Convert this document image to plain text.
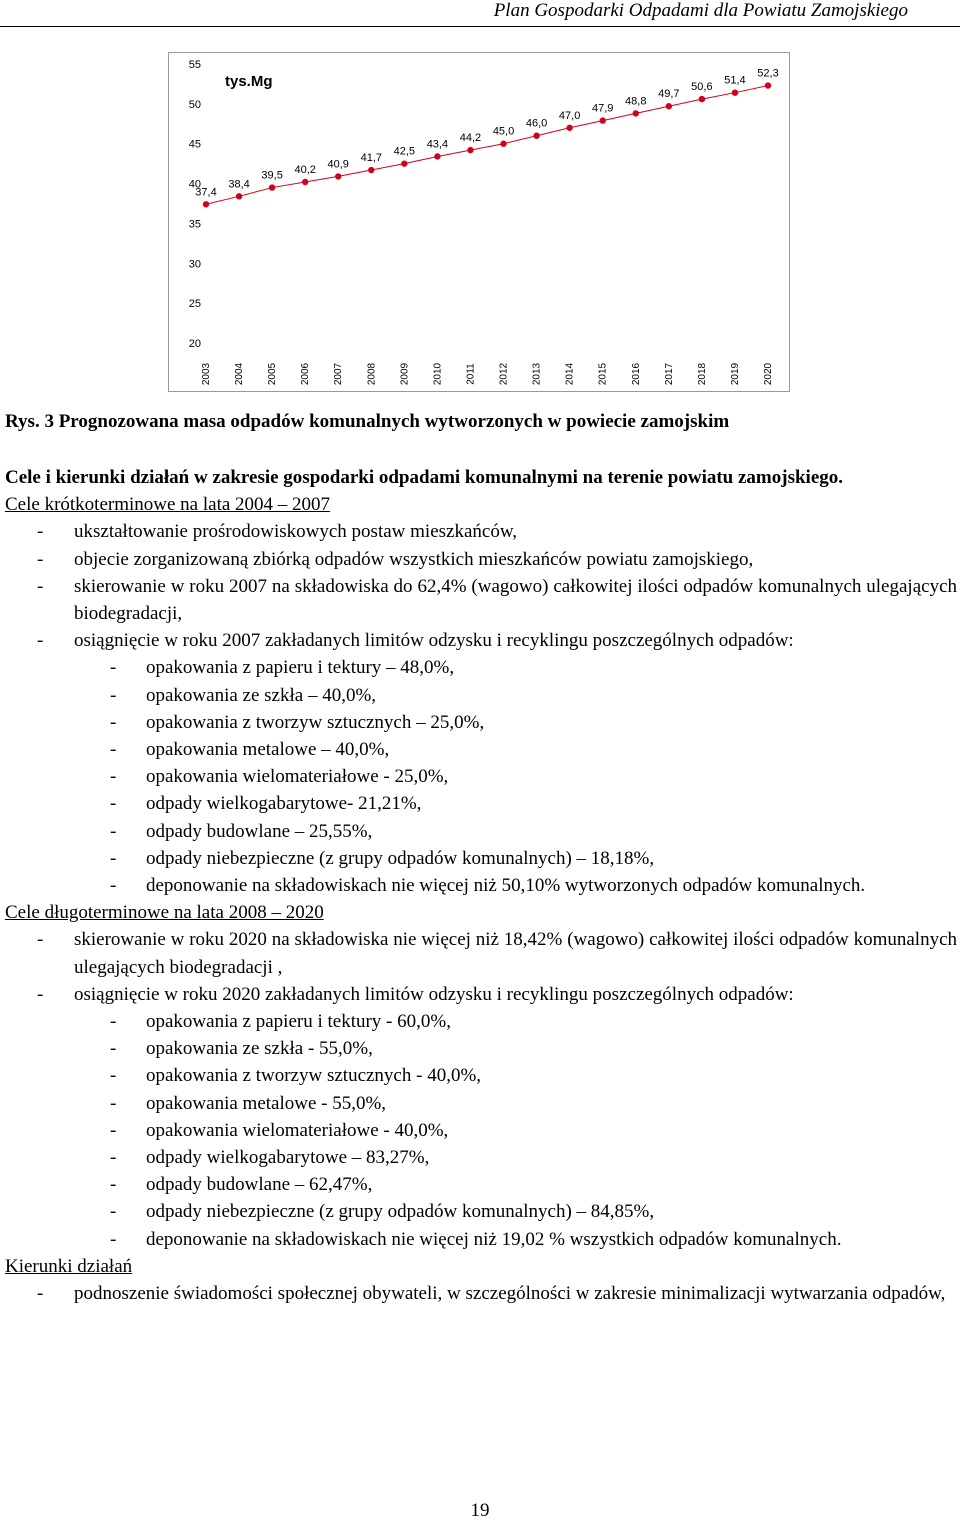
Plan Gospodarki Odpadami dla Powiatu Zamojskiego
tys.Mg
20
25
30
35
40
45
50
55
2003 2004 2005 2006 2007 2008 2009 2010 2011 2012 2013 2014 2015 2016 2017 2018 2019 2020
37,4
38,4
39,5 40,2 40,9
41,7
42,5
43,4
44,2
45,0
46,0
47,0
47,9
48,8
49,7
50,6
51,4
52,3
Rys. 3 Prognozowana masa odpadów komunalnych wytworzonych w powiecie zamojskim
Cele i kierunki działań w zakresie gospodarki odpadami komunalnymi na terenie powiatu zamojskiego.
Cele krótkoterminowe na lata 2004 – 2007
- ukształtowanie prośrodowiskowych postaw mieszkańców,
- objecie zorganizowaną zbiórką odpadów wszystkich mieszkańców powiatu zamojskiego,
- skierowanie w roku 2007 na składowiska do 62,4% (wagowo) całkowitej ilości odpadów komunalnych ulegających biodegradacji,
- osiągnięcie w roku 2007 zakładanych limitów odzysku i recyklingu poszczególnych odpadów:
- opakowania z papieru i tektury – 48,0%,
- opakowania ze szkła – 40,0%,
- opakowania z tworzyw sztucznych – 25,0%,
- opakowania metalowe – 40,0%,
- opakowania wielomateriałowe - 25,0%,
- odpady wielkogabarytowe- 21,21%,
- odpady budowlane – 25,55%,
- odpady niebezpieczne (z grupy odpadów komunalnych) – 18,18%,
- deponowanie na składowiskach nie więcej niż 50,10% wytworzonych odpadów komunalnych.
Cele długoterminowe na lata 2008 – 2020
- skierowanie w roku 2020 na składowiska nie więcej niż 18,42% (wagowo) całkowitej ilości odpadów komunalnych ulegających biodegradacji ,
- osiągnięcie w roku 2020 zakładanych limitów odzysku i recyklingu poszczególnych odpadów:
- opakowania z papieru i tektury - 60,0%,
- opakowania ze szkła - 55,0%,
- opakowania z tworzyw sztucznych - 40,0%,
- opakowania metalowe - 55,0%,
- opakowania wielomateriałowe - 40,0%,
- odpady wielkogabarytowe – 83,27%,
- odpady budowlane – 62,47%,
- odpady niebezpieczne (z grupy odpadów komunalnych) – 84,85%,
- deponowanie na składowiskach nie więcej niż 19,02 % wszystkich odpadów komunalnych.
Kierunki działań
- podnoszenie świadomości społecznej obywateli, w szczególności w zakresie minimalizacji wytwarzania odpadów,
19
